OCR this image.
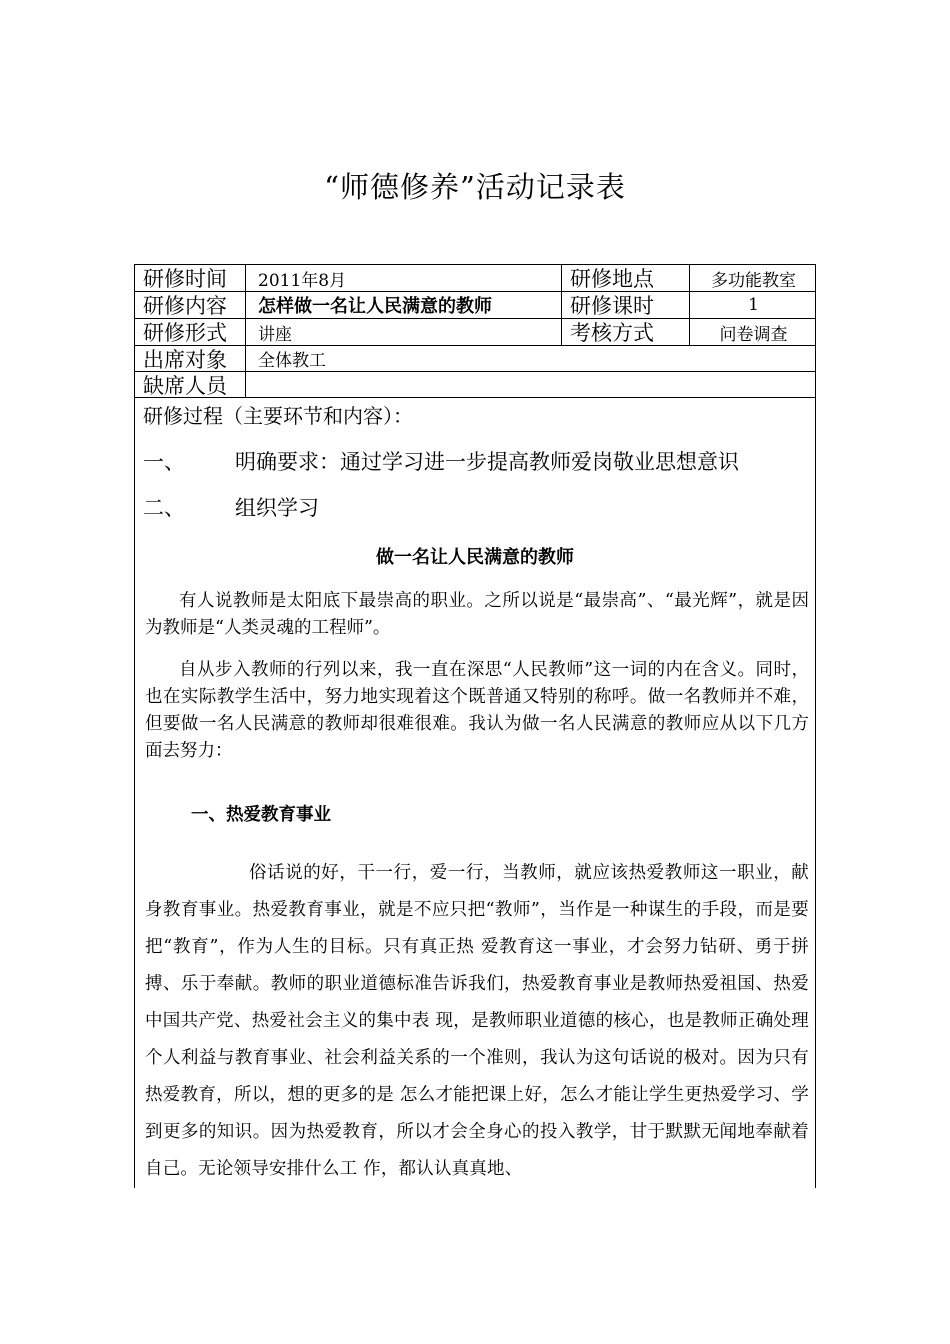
“师德修养”活动记录表
研修时间	2011年8月	研修地点	多功能教室
研修内容	怎样做一名让人民满意的教师	研修课时	1
研修形式	讲座	考核方式	问卷调查
出席对象	全体教工
缺席人员
研修过程（主要环节和内容）：
一、 明确要求：通过学习进一步提高教师爱岗敬业思想意识
二、 组织学习
做一名让人民满意的教师
有人说教师是太阳底下最崇高的职业。之所以说是“最崇高”、“最光辉”，就是因为教师是“人类灵魂的工程师”。
自从步入教师的行列以来，我一直在深思“人民教师”这一词的内在含义。同时，也在实际教学生活中，努力地实现着这个既普通又特别的称呼。做一名教师并不难，但要做一名人民满意的教师却很难很难。我认为做一名人民满意的教师应从以下几方面去努力：
一、热爱教育事业
俗话说的好，干一行，爱一行，当教师，就应该热爱教师这一职业，献身教育事业。热爱教育事业，就是不应只把“教师”，当作是一种谋生的手段，而是要把“教育”，作为人生的目标。只有真正热 爱教育这一事业，才会努力钻研、勇于拼搏、乐于奉献。教师的职业道德标准告诉我们，热爱教育事业是教师热爱祖国、热爱中国共产党、热爱社会主义的集中表 现，是教师职业道德的核心，也是教师正确处理个人利益与教育事业、社会利益关系的一个准则，我认为这句话说的极对。因为只有热爱教育，所以，想的更多的是 怎么才能把课上好，怎么才能让学生更热爱学习、学到更多的知识。因为热爱教育，所以才会全身心的投入教学，甘于默默无闻地奉献着自己。无论领导安排什么工 作，都认认真真地、
